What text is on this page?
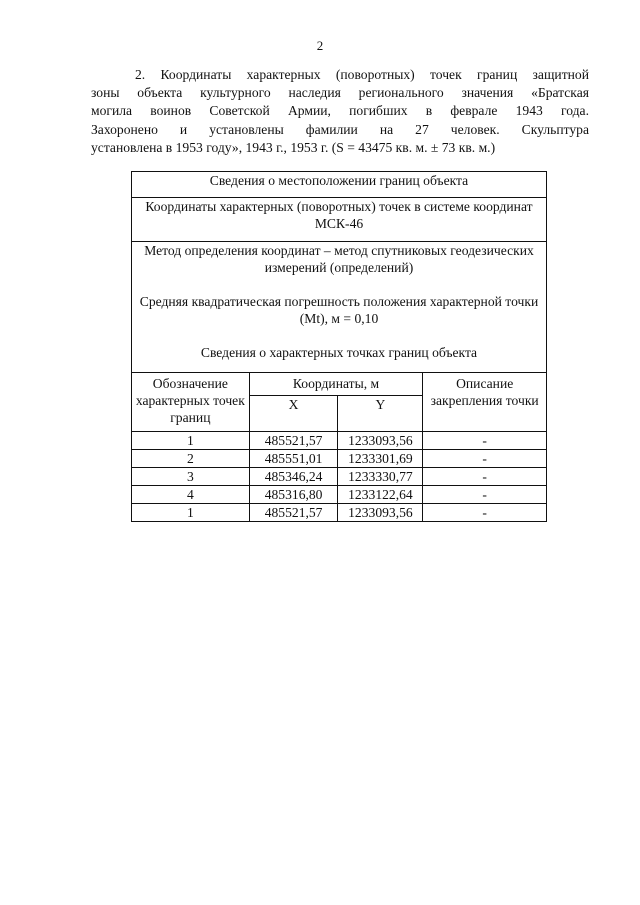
2
2. Координаты характерных (поворотных) точек границ защитной
зоны объекта культурного наследия регионального значения «Братская
могила воинов Советской Армии, погибших в феврале 1943 года.
Захоронено и установлены фамилии на 27 человек. Скульптура
установлена в 1953 году», 1943 г., 1953 г. (S = 43475 кв. м. ± 73 кв. м.)
Сведения о местоположении границ объекта			
Координаты характерных (поворотных) точек в системе координат МСК-46			

Метод определения координат – метод спутниковых геодезических измерений (определений)

Средняя квадратическая погрешность положения характерной точки (Mt), м = 0,10

Сведения о характерных точках границ объекта			

Обозначение характерных точек границ	Координаты, м		Описание закрепления точки
	X	Y	
1	485521,57	1233093,56	-
2	485551,01	1233301,69	-
3	485346,24	1233330,77	-
4	485316,80	1233122,64	-
1	485521,57	1233093,56	-
